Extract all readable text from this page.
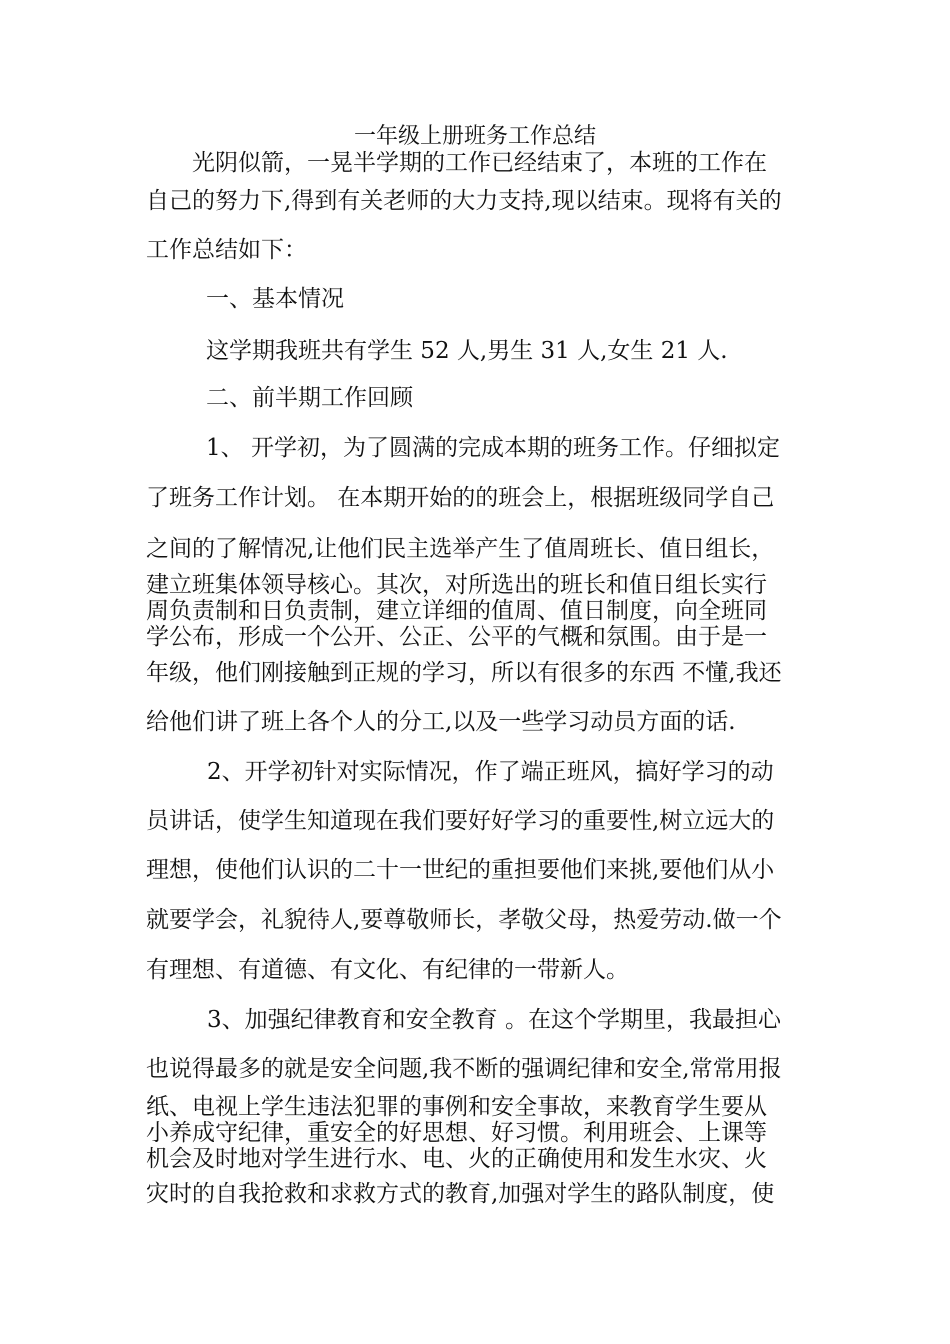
一年级上册班务工作总结
光阴似箭，一晃半学期的工作已经结束了，本班的工作在
自己的努力下,得到有关老师的大力支持,现以结束。现将有关的
工作总结如下：
一、基本情况
这学期我班共有学生 52 人,男生 31 人,女生 21 人.
二、前半期工作回顾
1、 开学初，为了圆满的完成本期的班务工作。仔细拟定
了班务工作计划。 在本期开始的的班会上，根据班级同学自己
之间的了解情况,让他们民主选举产生了值周班长、值日组长，
建立班集体领导核心。其次，对所选出的班长和值日组长实行
周负责制和日负责制，建立详细的值周、值日制度，向全班同
学公布，形成一个公开、公正、公平的气概和氛围。由于是一
年级，他们刚接触到正规的学习，所以有很多的东西 不懂,我还
给他们讲了班上各个人的分工,以及一些学习动员方面的话.
2、开学初针对实际情况，作了端正班风，搞好学习的动
员讲话，使学生知道现在我们要好好学习的重要性,树立远大的
理想，使他们认识的二十一世纪的重担要他们来挑,要他们从小
就要学会，礼貌待人,要尊敬师长，孝敬父母，热爱劳动.做一个
有理想、有道德、有文化、有纪律的一带新人。
3、加强纪律教育和安全教育 。在这个学期里，我最担心
也说得最多的就是安全问题,我不断的强调纪律和安全,常常用报
纸、电视上学生违法犯罪的事例和安全事故，来教育学生要从
小养成守纪律，重安全的好思想、好习惯。利用班会、上课等
机会及时地对学生进行水、电、火的正确使用和发生水灾、火
灾时的自我抢救和求救方式的教育,加强对学生的路队制度，使
